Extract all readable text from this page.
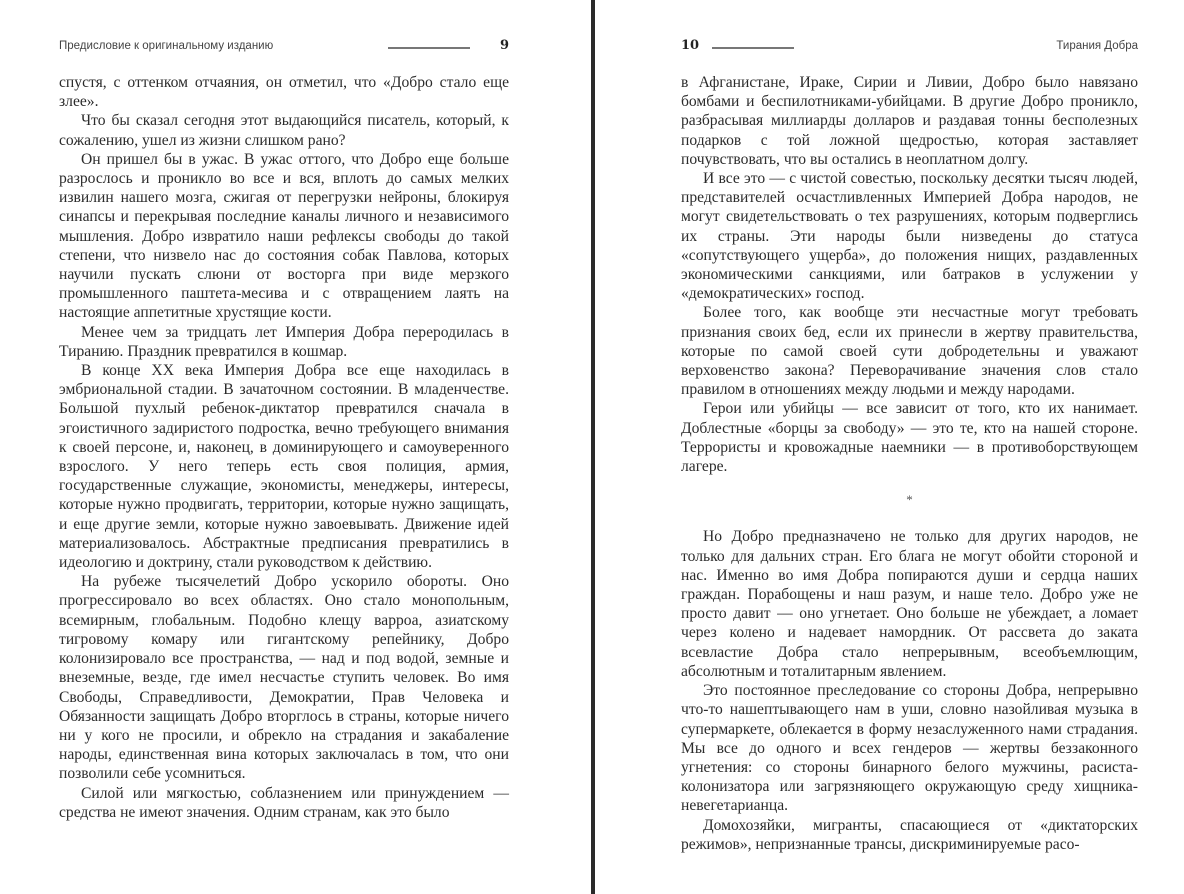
Предисловие к оригинальному изданию	9

спустя, с оттенком отчаяния, он отметил, что «Добро стало еще злее».

Что бы сказал сегодня этот выдающийся писатель, который, к сожалению, ушел из жизни слишком рано?

Он пришел бы в ужас. В ужас оттого, что Добро еще больше разрослось и проникло во все и вся, вплоть до самых мелких извилин нашего мозга, сжигая от перегрузки нейроны, блокируя синапсы и перекрывая последние каналы личного и независимого мышления. Добро извратило наши рефлексы свободы до такой степени, что низвело нас до состояния собак Павлова, которых научили пускать слюни от восторга при виде мерзкого промышленного паштета-месива и с отвращением лаять на настоящие аппетитные хрустящие кости.

Менее чем за тридцать лет Империя Добра переродилась в Тиранию. Праздник превратился в кошмар.

В конце XX века Империя Добра все еще находилась в эмбриональной стадии. В зачаточном состоянии. В младенчестве. Большой пухлый ребенок-диктатор превратился сначала в эгоистичного задиристого подростка, вечно требующего внимания к своей персоне, и, наконец, в доминирующего и самоуверенного взрослого. У него теперь есть своя полиция, армия, государственные служащие, экономисты, менеджеры, интересы, которые нужно продвигать, территории, которые нужно защищать, и еще другие земли, которые нужно завоевывать. Движение идей материализовалось. Абстрактные предписания превратились в идеологию и доктрину, стали руководством к действию.

На рубеже тысячелетий Добро ускорило обороты. Оно прогрессировало во всех областях. Оно стало монопольным, всемирным, глобальным. Подобно клещу варроа, азиатскому тигровому комару или гигантскому репейнику, Добро колонизировало все пространства, — над и под водой, земные и внеземные, везде, где имел несчастье ступить человек. Во имя Свободы, Справедливости, Демократии, Прав Человека и Обязанности защищать Добро вторглось в страны, которые ничего ни у кого не просили, и обрекло на страдания и закабаление народы, единственная вина которых заключалась в том, что они позволили себе усомниться.

Силой или мягкостью, соблазнением или принуждением — средства не имеют значения. Одним странам, как это было

10	Тирания Добра

в Афганистане, Ираке, Сирии и Ливии, Добро было навязано бомбами и беспилотниками-убийцами. В другие Добро проникло, разбрасывая миллиарды долларов и раздавая тонны бесполезных подарков с той ложной щедростью, которая заставляет почувствовать, что вы остались в неоплатном долгу.

И все это — с чистой совестью, поскольку десятки тысяч людей, представителей осчастливленных Империей Добра народов, не могут свидетельствовать о тех разрушениях, которым подверглись их страны. Эти народы были низведены до статуса «сопутствующего ущерба», до положения нищих, раздавленных экономическими санкциями, или батраков в услужении у «демократических» господ.

Более того, как вообще эти несчастные могут требовать признания своих бед, если их принесли в жертву правительства, которые по самой своей сути добродетельны и уважают верховенство закона? Переворачивание значения слов стало правилом в отношениях между людьми и между народами.

Герои или убийцы — все зависит от того, кто их нанимает. Доблестные «борцы за свободу» — это те, кто на нашей стороне. Террористы и кровожадные наемники — в противоборствующем лагере.

*

Но Добро предназначено не только для других народов, не только для дальних стран. Его блага не могут обойти стороной и нас. Именно во имя Добра попираются души и сердца наших граждан. Порабощены и наш разум, и наше тело. Добро уже не просто давит — оно угнетает. Оно больше не убеждает, а ломает через колено и надевает намордник. От рассвета до заката всевластие Добра стало непрерывным, всеобъемлющим, абсолютным и тоталитарным явлением.

Это постоянное преследование со стороны Добра, непрерывно что-то нашептывающего нам в уши, словно назойливая музыка в супермаркете, облекается в форму незаслуженного нами страдания. Мы все до одного и всех гендеров — жертвы беззаконного угнетения: со стороны бинарного белого мужчины, расиста-колонизатора или загрязняющего окружающую среду хищника-невегетарианца.

Домохозяйки, мигранты, спасающиеся от «диктаторских режимов», непризнанные трансы, дискриминируемые расо-
